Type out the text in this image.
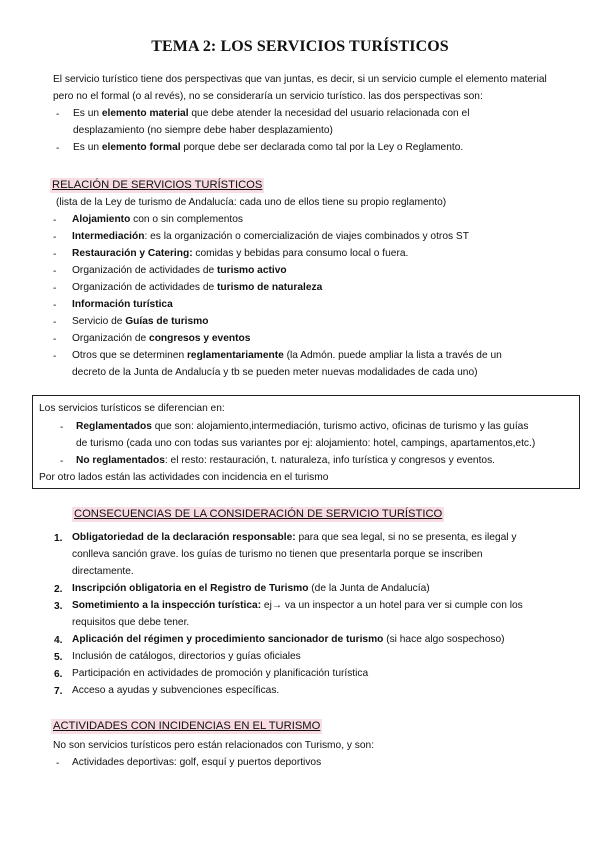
TEMA 2: LOS SERVICIOS TURÍSTICOS
El servicio turístico tiene dos perspectivas que van juntas, es decir, si un servicio cumple el elemento material pero no el formal (o al revés), no se consideraría un servicio turístico. las dos perspectivas son:
- Es un elemento material que debe atender la necesidad del usuario relacionada con el
desplazamiento (no siempre debe haber desplazamiento)
- Es un elemento formal porque debe ser declarada como tal por la Ley o Reglamento.
RELACIÓN DE SERVICIOS TURÍSTICOS
(lista de la Ley de turismo de Andalucía: cada uno de ellos tiene su propio reglamento)
- Alojamiento con o sin complementos
- Intermediación: es la organización o comercialización de viajes combinados y otros ST
- Restauración y Catering: comidas y bebidas para consumo local o fuera.
- Organización de actividades de turismo activo
- Organización de actividades de turismo de naturaleza
- Información turística
- Servicio de Guías de turismo
- Organización de congresos y eventos
- Otros que se determinen reglamentariamente (la Admón. puede ampliar la lista a través de un
decreto de la Junta de Andalucía y tb se pueden meter nuevas modalidades de cada uno)
Los servicios turísticos se diferencian en:
- Reglamentados que son: alojamiento,intermediación, turismo activo, oficinas de turismo y las guías
de turismo (cada uno con todas sus variantes por ej: alojamiento: hotel, campings, apartamentos,etc.)
- No reglamentados: el resto: restauración, t. naturaleza, info turística y congresos y eventos.
Por otro lados están las actividades con incidencia en el turismo
CONSECUENCIAS DE LA CONSIDERACIÓN DE SERVICIO TURÍSTICO
1. Obligatoriedad de la declaración responsable: para que sea legal, si no se presenta, es ilegal y
conlleva sanción grave. los guías de turismo no tienen que presentarla porque se inscriben
directamente.
2. Inscripción obligatoria en el Registro de Turismo (de la Junta de Andalucía)
3. Sometimiento a la inspección turística: ej→ va un inspector a un hotel para ver si cumple con los
requisitos que debe tener.
4. Aplicación del régimen y procedimiento sancionador de turismo (si hace algo sospechoso)
5. Inclusión de catálogos, directorios y guías oficiales
6. Participación en actividades de promoción y planificación turística
7. Acceso a ayudas y subvenciones específicas.
ACTIVIDADES CON INCIDENCIAS EN EL TURISMO
No son servicios turísticos pero están relacionados con Turismo, y son:
- Actividades deportivas: golf, esquí y puertos deportivos
